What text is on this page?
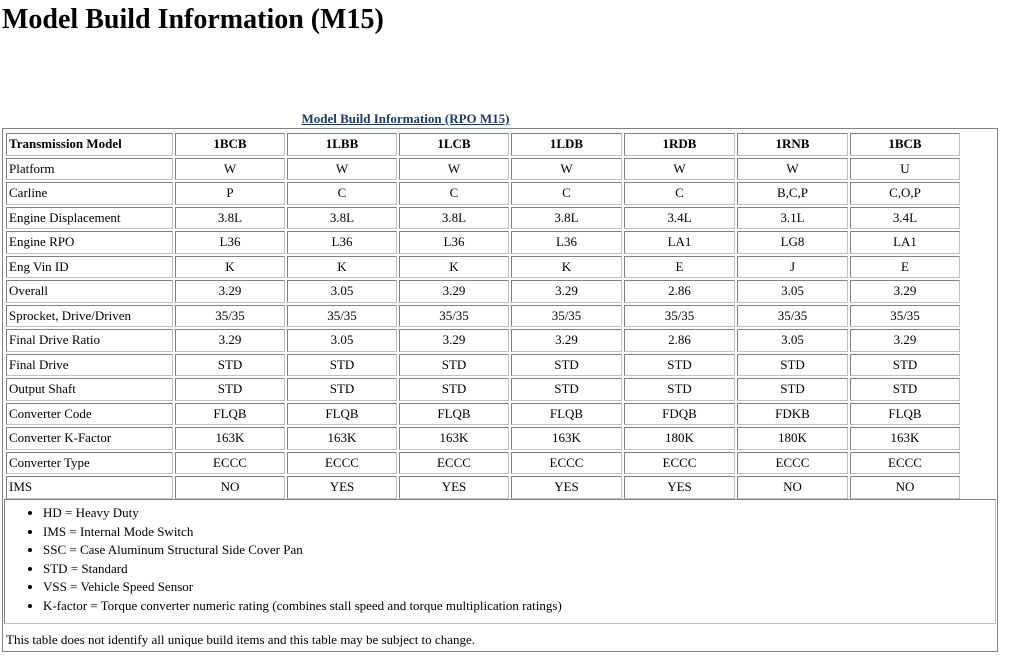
Model Build Information (M15)
Model Build Information (RPO M15)
Transmission Model	1BCB	1LBB	1LCB	1LDB	1RDB	1RNB	1BCB
Platform	W	W	W	W	W	W	U
Carline	P	C	C	C	C	B,C,P	C,O,P
Engine Displacement	3.8L	3.8L	3.8L	3.8L	3.4L	3.1L	3.4L
Engine RPO	L36	L36	L36	L36	LA1	LG8	LA1
Eng Vin ID	K	K	K	K	E	J	E
Overall	3.29	3.05	3.29	3.29	2.86	3.05	3.29
Sprocket, Drive/Driven	35/35	35/35	35/35	35/35	35/35	35/35	35/35
Final Drive Ratio	3.29	3.05	3.29	3.29	2.86	3.05	3.29
Final Drive	STD	STD	STD	STD	STD	STD	STD
Output Shaft	STD	STD	STD	STD	STD	STD	STD
Converter Code	FLQB	FLQB	FLQB	FLQB	FDQB	FDKB	FLQB
Converter K-Factor	163K	163K	163K	163K	180K	180K	163K
Converter Type	ECCC	ECCC	ECCC	ECCC	ECCC	ECCC	ECCC
IMS	NO	YES	YES	YES	YES	NO	NO
• HD = Heavy Duty
• IMS = Internal Mode Switch
• SSC = Case Aluminum Structural Side Cover Pan
• STD = Standard
• VSS = Vehicle Speed Sensor
• K-factor = Torque converter numeric rating (combines stall speed and torque multiplication ratings)
This table does not identify all unique build items and this table may be subject to change.
